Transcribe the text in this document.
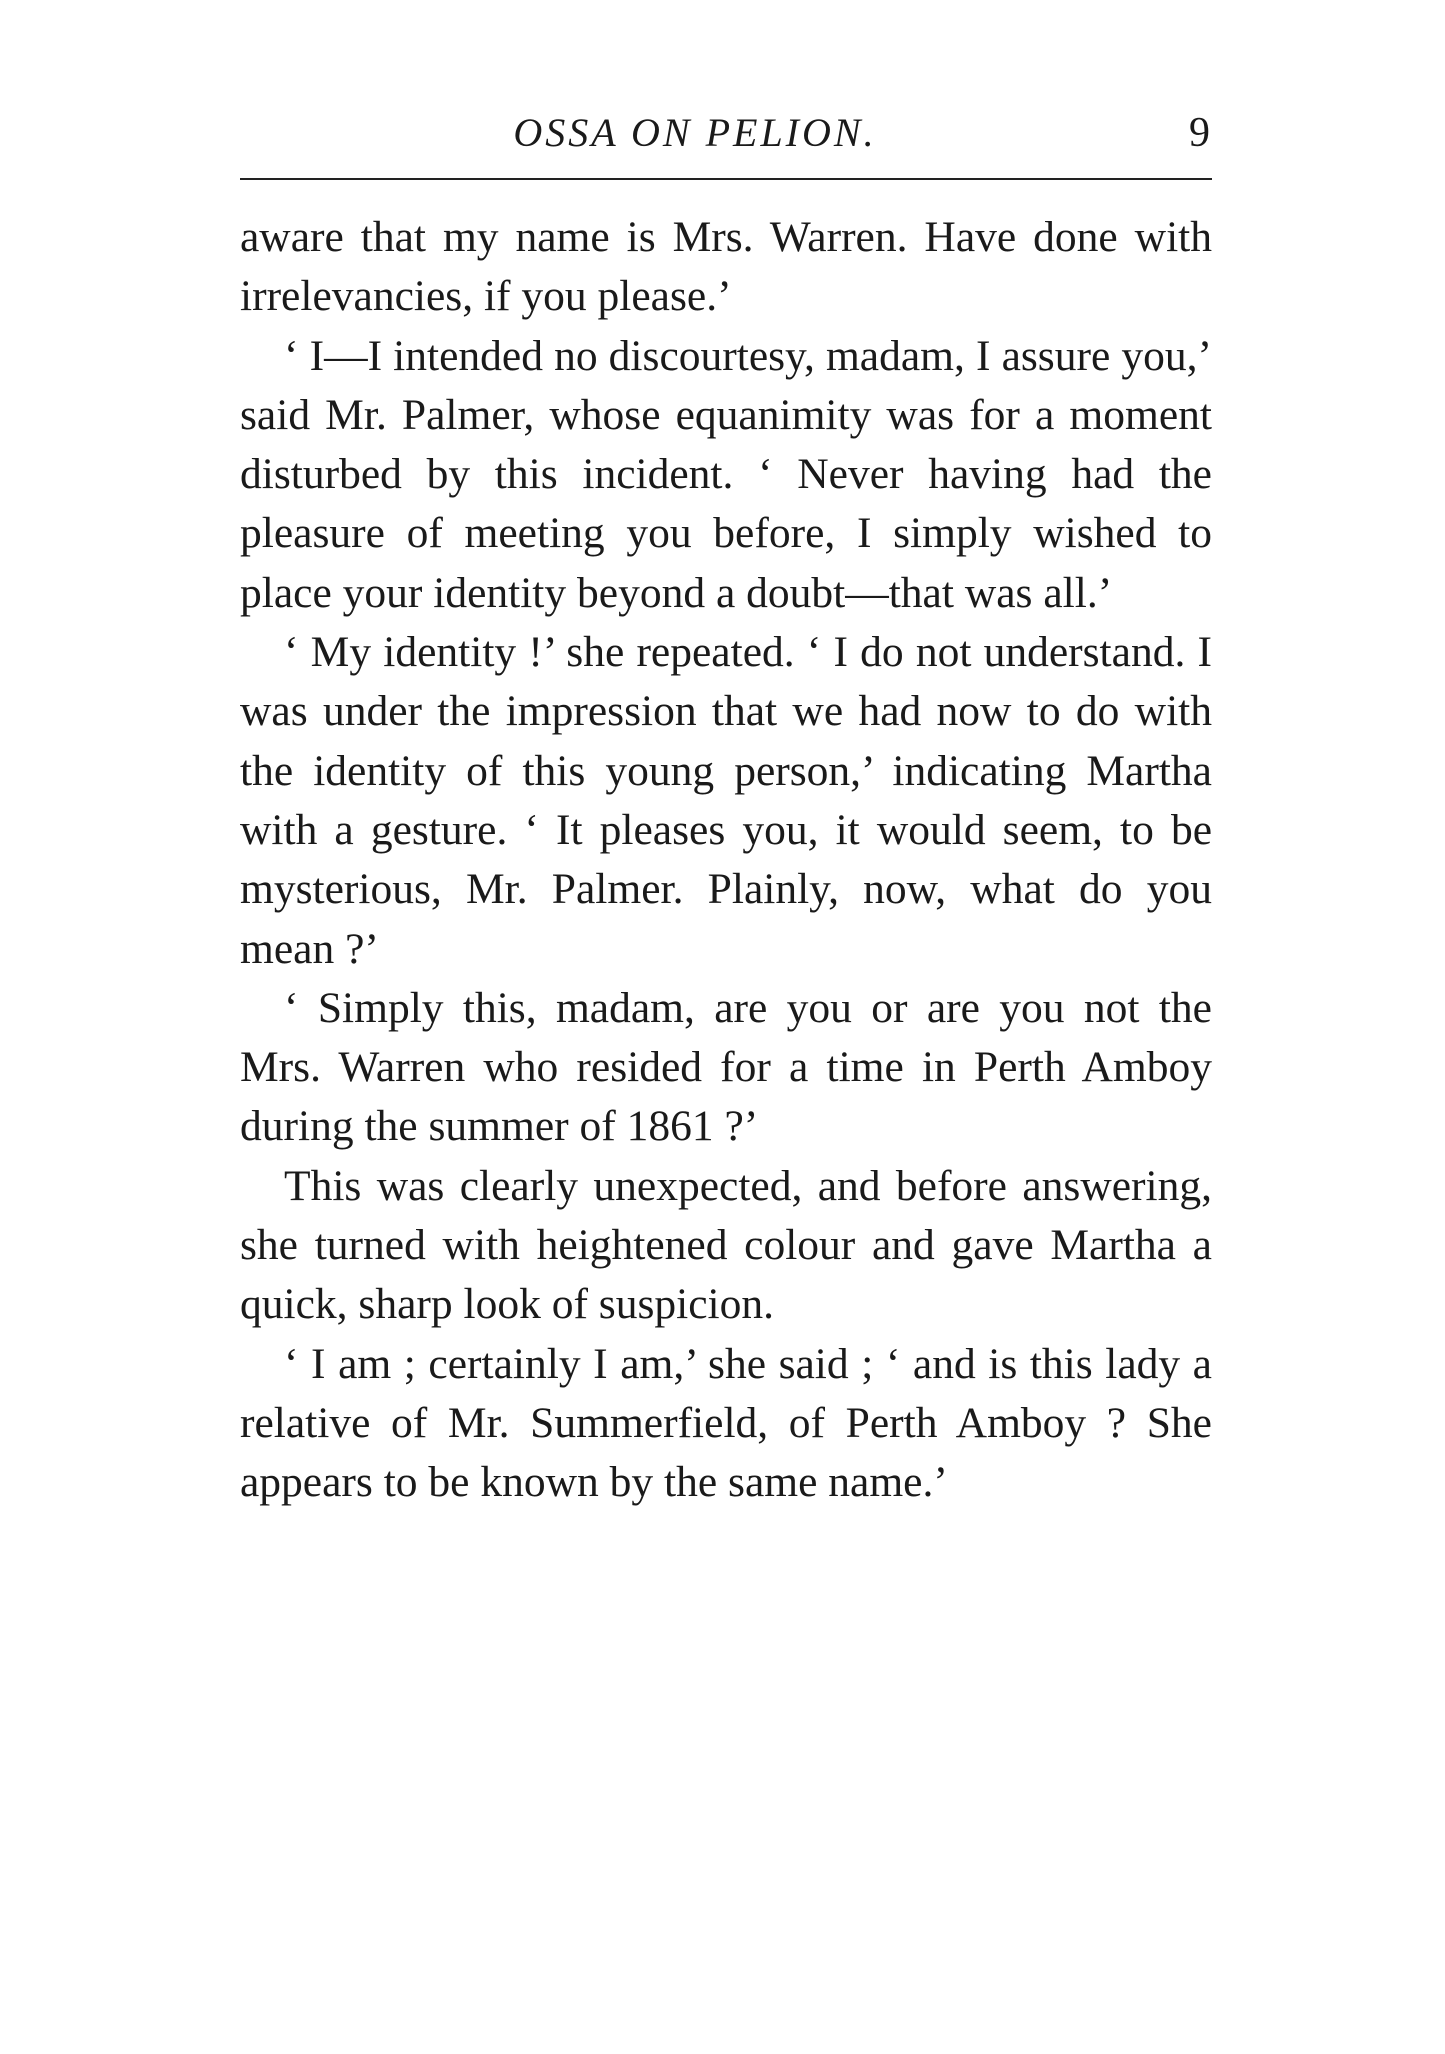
OSSA ON PELION.	9

aware that my name is Mrs. Warren. Have done with irrelevancies, if you please.’

‘ I—I intended no discourtesy, madam, I assure you,’ said Mr. Palmer, whose equanimity was for a moment disturbed by this incident. ‘ Never having had the pleasure of meeting you before, I simply wished to place your identity beyond a doubt—that was all.’

‘ My identity !’ she repeated. ‘ I do not understand. I was under the impression that we had now to do with the identity of this young person,’ indicating Martha with a gesture. ‘ It pleases you, it would seem, to be mysterious, Mr. Palmer. Plainly, now, what do you mean ?’

‘ Simply this, madam, are you or are you not the Mrs. Warren who resided for a time in Perth Amboy during the summer of 1861 ?’

This was clearly unexpected, and before answering, she turned with heightened colour and gave Martha a quick, sharp look of suspicion.

‘ I am ; certainly I am,’ she said ; ‘ and is this lady a relative of Mr. Summerfield, of Perth Amboy ? She appears to be known by the same name.’
